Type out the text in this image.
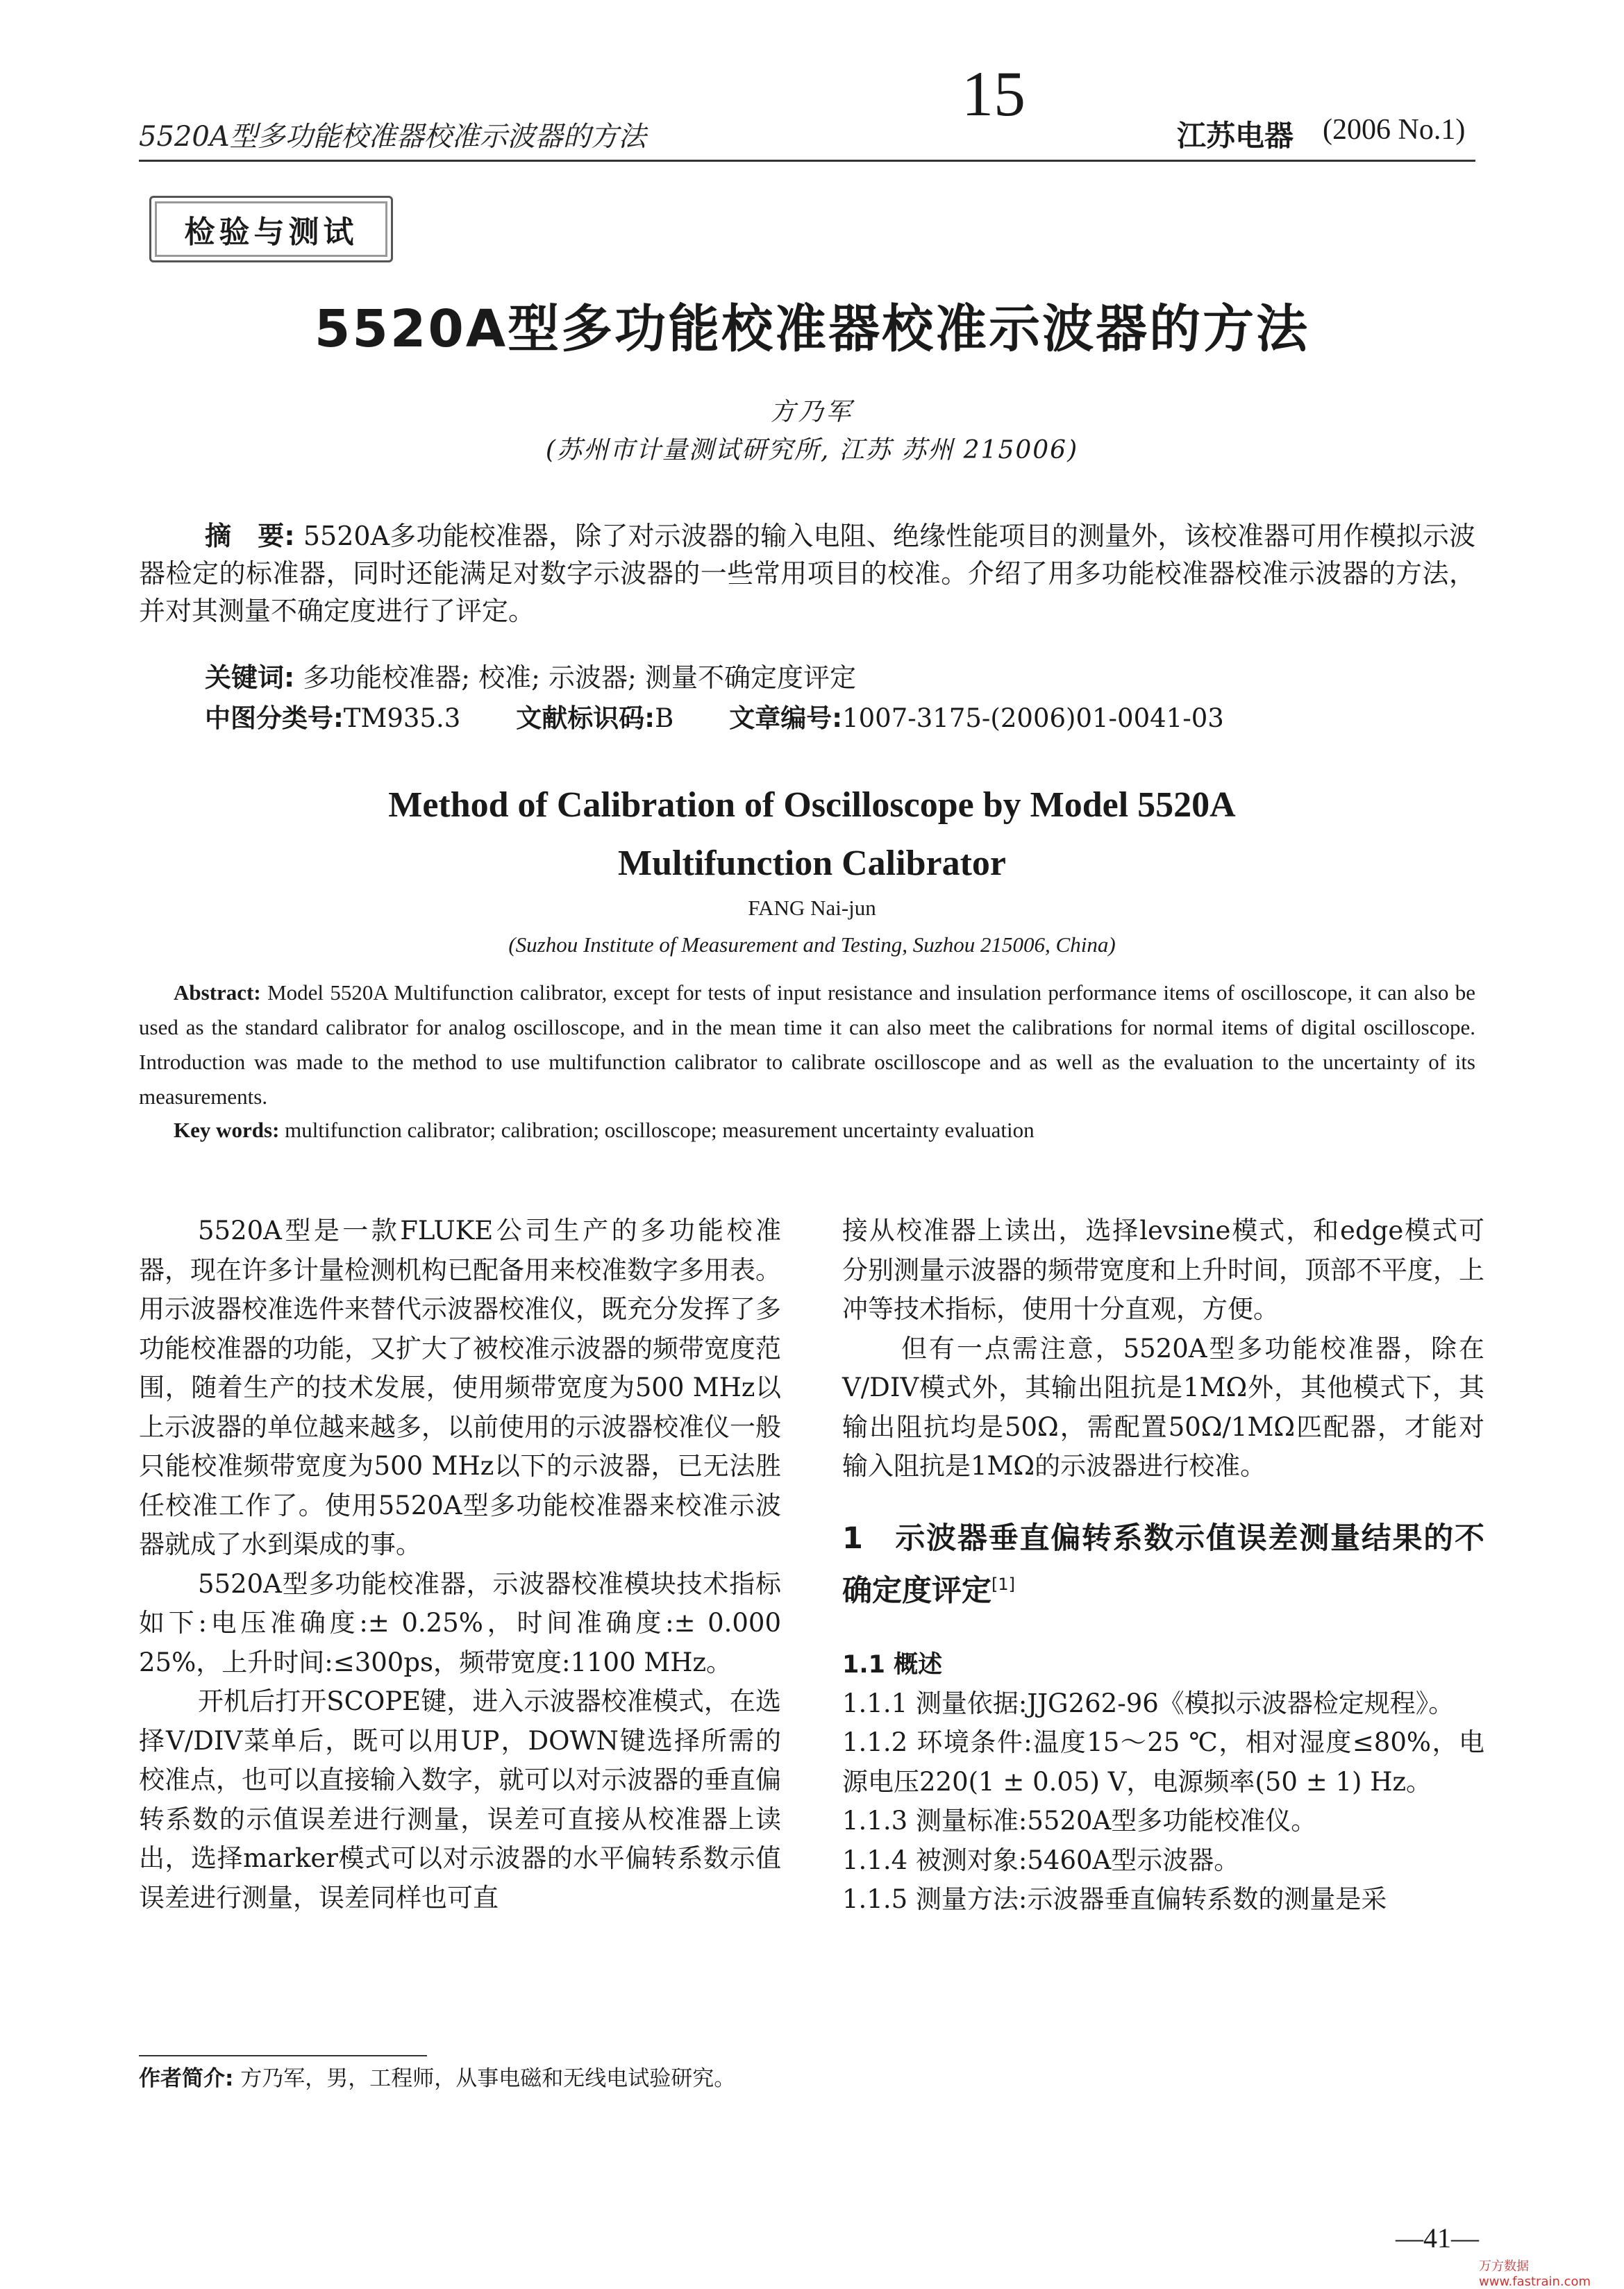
5520A型多功能校准器校准示波器的方法
15
江苏电器 (2006 No.1)
检验与测试
5520A型多功能校准器校准示波器的方法
方乃军
(苏州市计量测试研究所, 江苏 苏州 215006)
摘　要: 5520A多功能校准器，除了对示波器的输入电阻、绝缘性能项目的测量外，该校准器可用作模拟示波器检定的标准器，同时还能满足对数字示波器的一些常用项目的校准。介绍了用多功能校准器校准示波器的方法，并对其测量不确定度进行了评定。
关键词: 多功能校准器; 校准; 示波器; 测量不确定度评定
中图分类号:TM935.3 文献标识码:B 文章编号:1007-3175-(2006)01-0041-03
Method of Calibration of Oscilloscope by Model 5520A
Multifunction Calibrator
FANG Nai-jun
(Suzhou Institute of Measurement and Testing, Suzhou 215006, China)
Abstract: Model 5520A Multifunction calibrator, except for tests of input resistance and insulation performance items of oscilloscope, it can also be used as the standard calibrator for analog oscilloscope, and in the mean time it can also meet the calibrations for normal items of digital oscilloscope. Introduction was made to the method to use multifunction calibrator to calibrate oscilloscope and as well as the evaluation to the uncertainty of its measurements.
Key words: multifunction calibrator; calibration; oscilloscope; measurement uncertainty evaluation

5520A型是一款FLUKE公司生产的多功能校准器，现在许多计量检测机构已配备用来校准数字多用表。用示波器校准选件来替代示波器校准仪，既充分发挥了多功能校准器的功能，又扩大了被校准示波器的频带宽度范围，随着生产的技术发展，使用频带宽度为500 MHz以上示波器的单位越来越多，以前使用的示波器校准仪一般只能校准频带宽度为500 MHz以下的示波器，已无法胜任校准工作了。使用5520A型多功能校准器来校准示波器就成了水到渠成的事。

5520A型多功能校准器，示波器校准模块技术指标如下:电压准确度:± 0.25%，时间准确度:± 0.000 25%，上升时间:≤300ps，频带宽度:1100 MHz。

开机后打开SCOPE键，进入示波器校准模式，在选择V/DIV菜单后，既可以用UP，DOWN键选择所需的校准点，也可以直接输入数字，就可以对示波器的垂直偏转系数的示值误差进行测量，误差可直接从校准器上读出，选择marker模式可以对示波器的水平偏转系数示值误差进行测量，误差同样也可直

接从校准器上读出，选择levsine模式，和edge模式可分别测量示波器的频带宽度和上升时间，顶部不平度，上冲等技术指标，使用十分直观，方便。

但有一点需注意，5520A型多功能校准器，除在V/DIV模式外，其输出阻抗是1MΩ外，其他模式下，其输出阻抗均是50Ω，需配置50Ω/1MΩ匹配器，才能对输入阻抗是1MΩ的示波器进行校准。

1　示波器垂直偏转系数示值误差测量结果的不确定度评定[1]
1.1 概述

1.1.1 测量依据:JJG262-96《模拟示波器检定规程》。

1.1.2 环境条件:温度15～25 ℃，相对湿度≤80%，电源电压220(1 ± 0.05) V，电源频率(50 ± 1) Hz。

1.1.3 测量标准:5520A型多功能校准仪。

1.1.4 被测对象:5460A型示波器。

1.1.5 测量方法:示波器垂直偏转系数的测量是采

作者简介: 方乃军，男，工程师，从事电磁和无线电试验研究。
—41—
万方数据 www.fastrain.com
